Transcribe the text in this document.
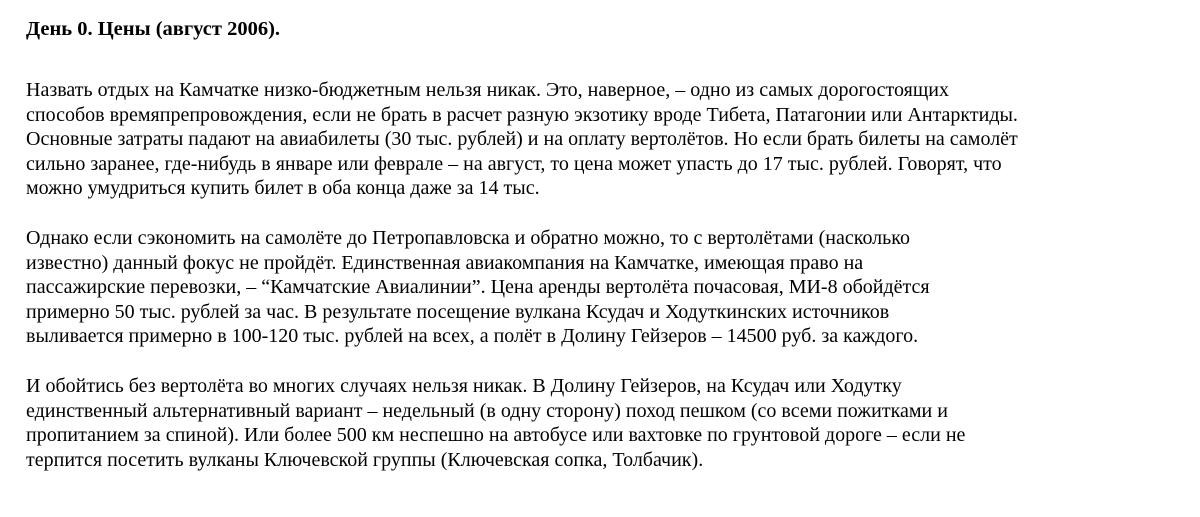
День 0. Цены (август 2006).

Назвать отдых на Камчатке низко-бюджетным нельзя никак. Это, наверное, – одно из самых дорогостоящих
способов времяпрепровождения, если не брать в расчет разную экзотику вроде Тибета, Патагонии или Антарктиды.
Основные затраты падают на авиабилеты (30 тыс. рублей) и на оплату вертолётов. Но если брать билеты на самолёт
сильно заранее, где-нибудь в январе или феврале – на август, то цена может упасть до 17 тыс. рублей. Говорят, что
можно умудриться купить билет в оба конца даже за 14 тыс.

Однако если сэкономить на самолёте до Петропавловска и обратно можно, то с вертолётами (насколько
известно) данный фокус не пройдёт. Единственная авиакомпания на Камчатке, имеющая право на
пассажирские перевозки, – “Камчатские Авиалинии”. Цена аренды вертолёта почасовая, МИ-8 обойдётся
примерно 50 тыс. рублей за час. В результате посещение вулкана Ксудач и Ходуткинских источников
выливается примерно в 100-120 тыс. рублей на всех, а полёт в Долину Гейзеров – 14500 руб. за каждого.

И обойтись без вертолёта во многих случаях нельзя никак. В Долину Гейзеров, на Ксудач или Ходутку
единственный альтернативный вариант – недельный (в одну сторону) поход пешком (со всеми пожитками и
пропитанием за спиной). Или более 500 км неспешно на автобусе или вахтовке по грунтовой дороге – если не
терпится посетить вулканы Ключевской группы (Ключевская сопка, Толбачик).
